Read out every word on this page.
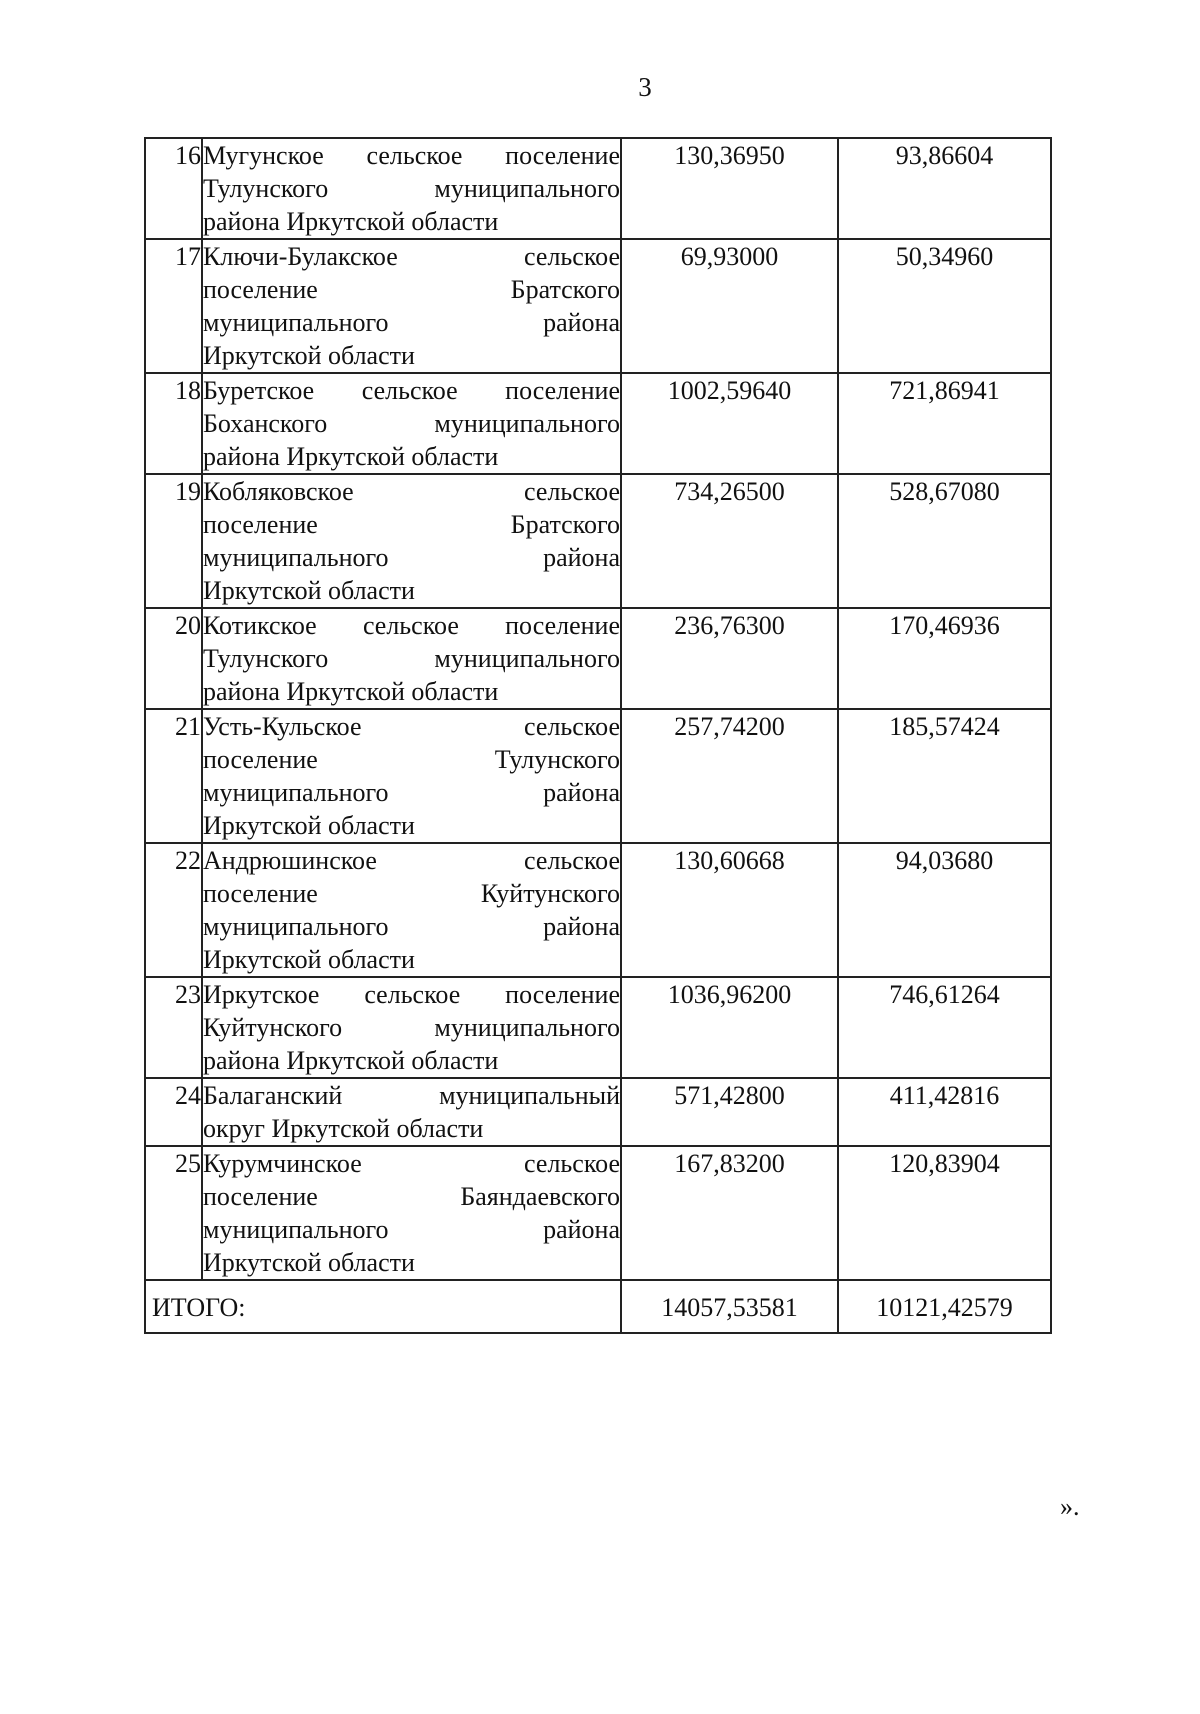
3
16	Мугунское сельское поселение
Тулунского муниципального
района Иркутской области	130,36950	93,86604
17	Ключи-Булакское сельское
поселение Братского
муниципального района
Иркутской области	69,93000	50,34960
18	Буретское сельское поселение
Боханского муниципального
района Иркутской области	1002,59640	721,86941
19	Кобляковское сельское
поселение Братского
муниципального района
Иркутской области	734,26500	528,67080
20	Котикское сельское поселение
Тулунского муниципального
района Иркутской области	236,76300	170,46936
21	Усть-Кульское сельское
поселение Тулунского
муниципального района
Иркутской области	257,74200	185,57424
22	Андрюшинское сельское
поселение Куйтунского
муниципального района
Иркутской области	130,60668	94,03680
23	Иркутское сельское поселение
Куйтунского муниципального
района Иркутской области	1036,96200	746,61264
24	Балаганский муниципальный
округ Иркутской области	571,42800	411,42816
25	Курумчинское сельское
поселение Баяндаевского
муниципального района
Иркутской области	167,83200	120,83904
ИТОГО:		14057,53581	10121,42579
».
